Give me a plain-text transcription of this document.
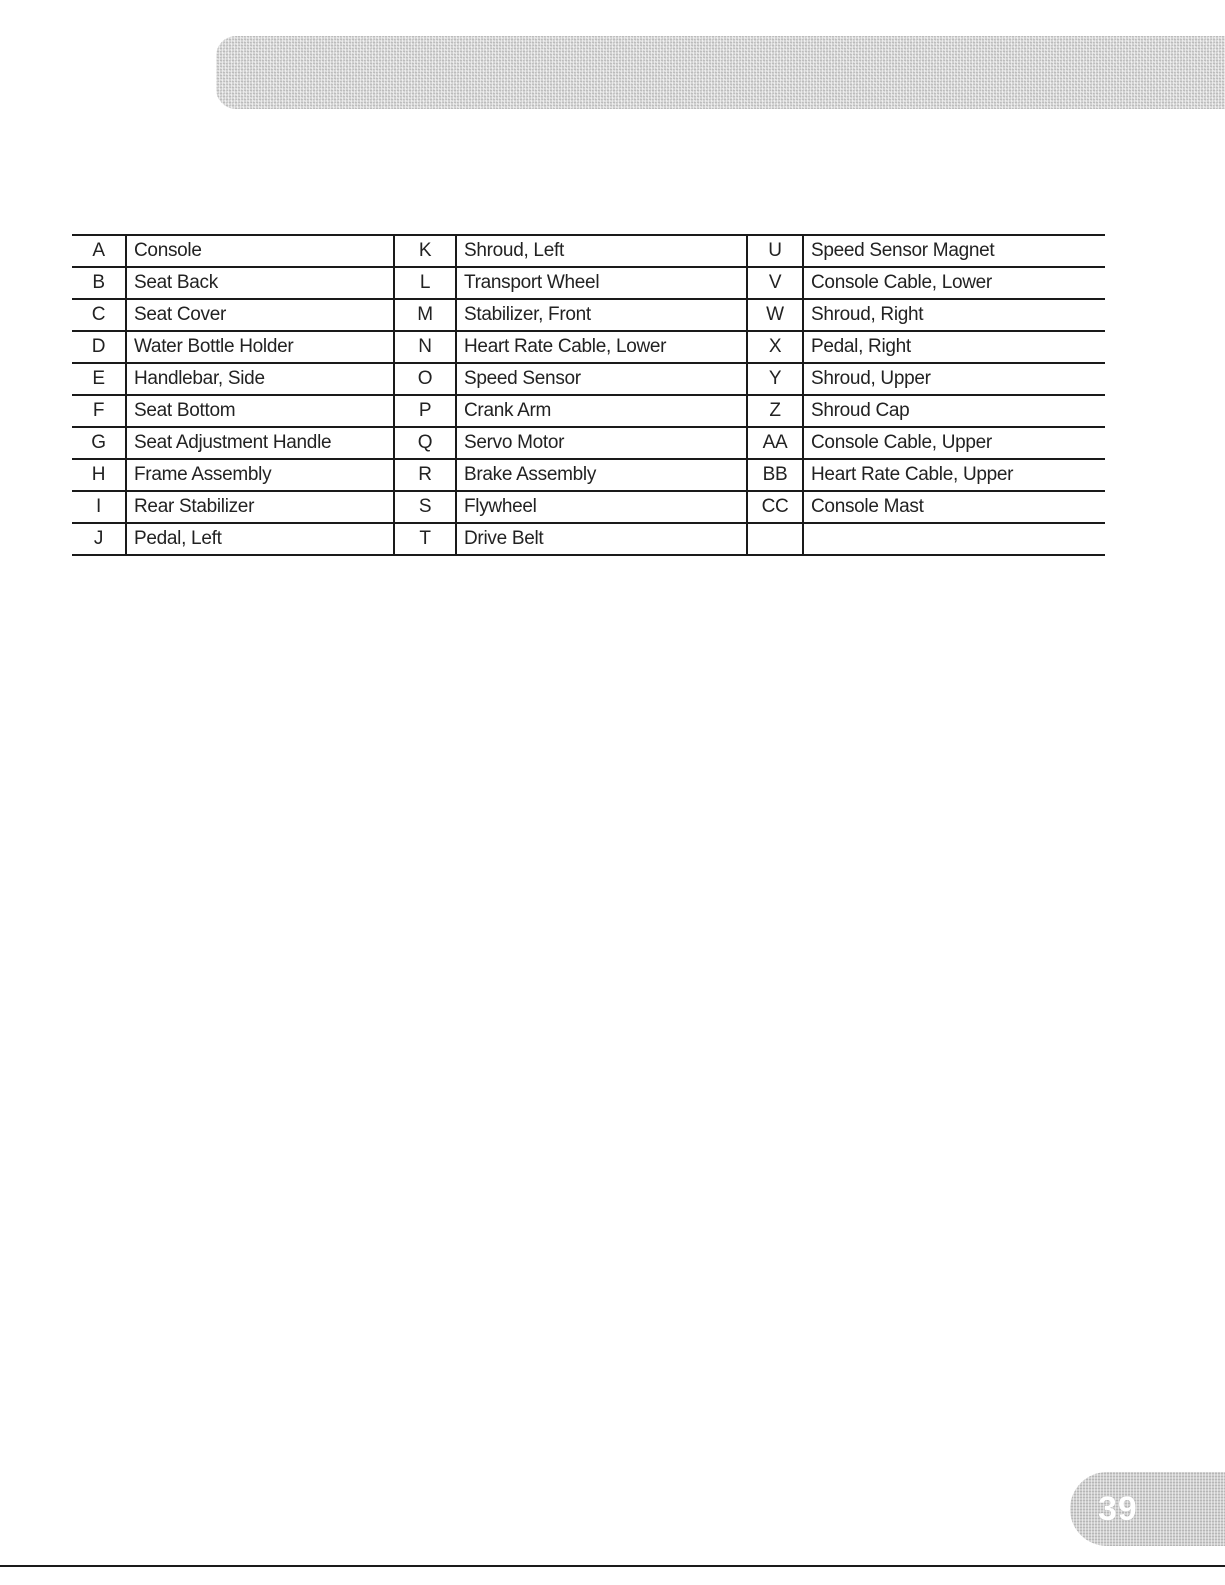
A	Console	K	Shroud, Left	U	Speed Sensor Magnet
B	Seat Back	L	Transport Wheel	V	Console Cable, Lower
C	Seat Cover	M	Stabilizer, Front	W	Shroud, Right
D	Water Bottle Holder	N	Heart Rate Cable, Lower	X	Pedal, Right
E	Handlebar, Side	O	Speed Sensor	Y	Shroud, Upper
F	Seat Bottom	P	Crank Arm	Z	Shroud Cap
G	Seat Adjustment Handle	Q	Servo Motor	AA	Console Cable, Upper
H	Frame Assembly	R	Brake Assembly	BB	Heart Rate Cable, Upper
I	Rear Stabilizer	S	Flywheel	CC	Console Mast
J	Pedal, Left	T	Drive Belt		
39
